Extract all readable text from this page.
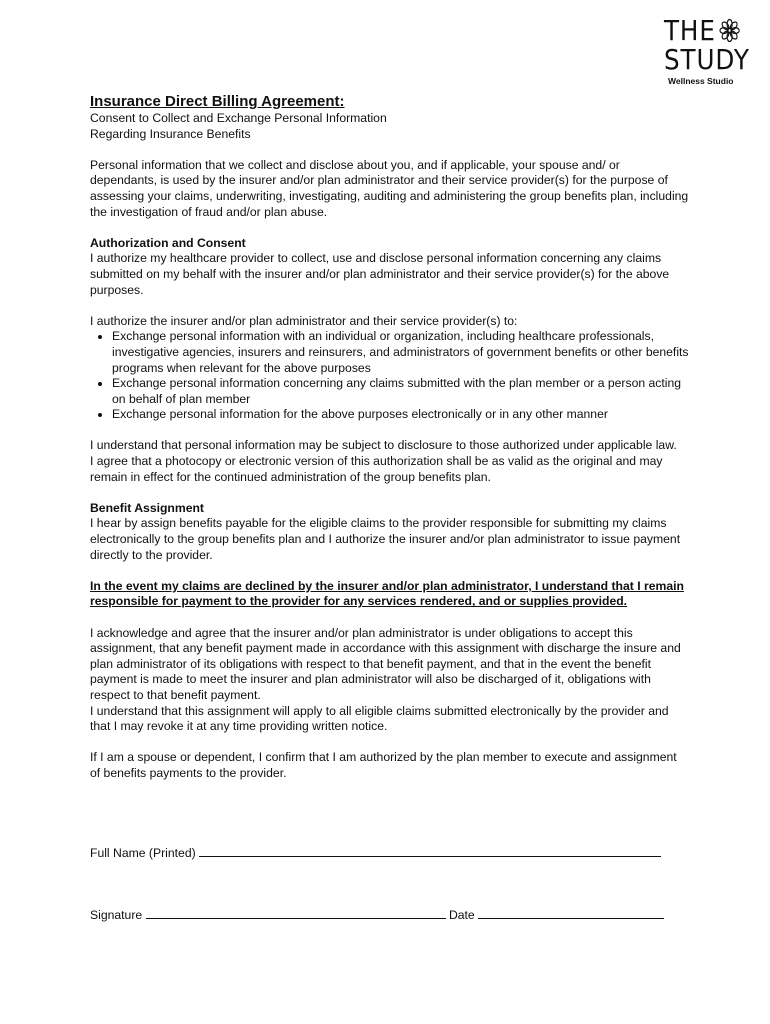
THE
STUDY
Wellness Studio
Insurance Direct Billing Agreement:

Consent to Collect and Exchange Personal Information

Regarding Insurance Benefits

Personal information that we collect and disclose about you, and if applicable, your spouse and/ or dependants, is used by the insurer and/or plan administrator and their service provider(s) for the purpose of assessing your claims, underwriting, investigating, auditing and administering the group benefits plan, including the investigation of fraud and/or plan abuse.

Authorization and Consent

I authorize my healthcare provider to collect, use and disclose personal information concerning any claims submitted on my behalf with the insurer and/or plan administrator and their service provider(s) for the above purposes.

I authorize the insurer and/or plan administrator and their service provider(s) to:

• Exchange personal information with an individual or organization, including healthcare professionals, investigative agencies, insurers and reinsurers, and administrators of government benefits or other benefits programs when relevant for the above purposes
• Exchange personal information concerning any claims submitted with the plan member or a person acting on behalf of plan member
• Exchange personal information for the above purposes electronically or in any other manner

I understand that personal information may be subject to disclosure to those authorized under applicable law.

I agree that a photocopy or electronic version of this authorization shall be as valid as the original and may remain in effect for the continued administration of the group benefits plan.

Benefit Assignment

I hear by assign benefits payable for the eligible claims to the provider responsible for submitting my claims electronically to the group benefits plan and I authorize the insurer and/or plan administrator to issue payment directly to the provider.

In the event my claims are declined by the insurer and/or plan administrator, I understand that I remain responsible for payment to the provider for any services rendered, and or supplies provided.

I acknowledge and agree that the insurer and/or plan administrator is under obligations to accept this assignment, that any benefit payment made in accordance with this assignment with discharge the insure and plan administrator of its obligations with respect to that benefit payment, and that in the event the benefit payment is made to meet the insurer and plan administrator will also be discharged of it, obligations with respect to that benefit payment.

I understand that this assignment will apply to all eligible claims submitted electronically by the provider and that I may revoke it at any time providing written notice.

If I am a spouse or dependent, I confirm that I am authorized by the plan member to execute and assignment of benefits payments to the provider.

Full Name (Printed)
Signature	Date
